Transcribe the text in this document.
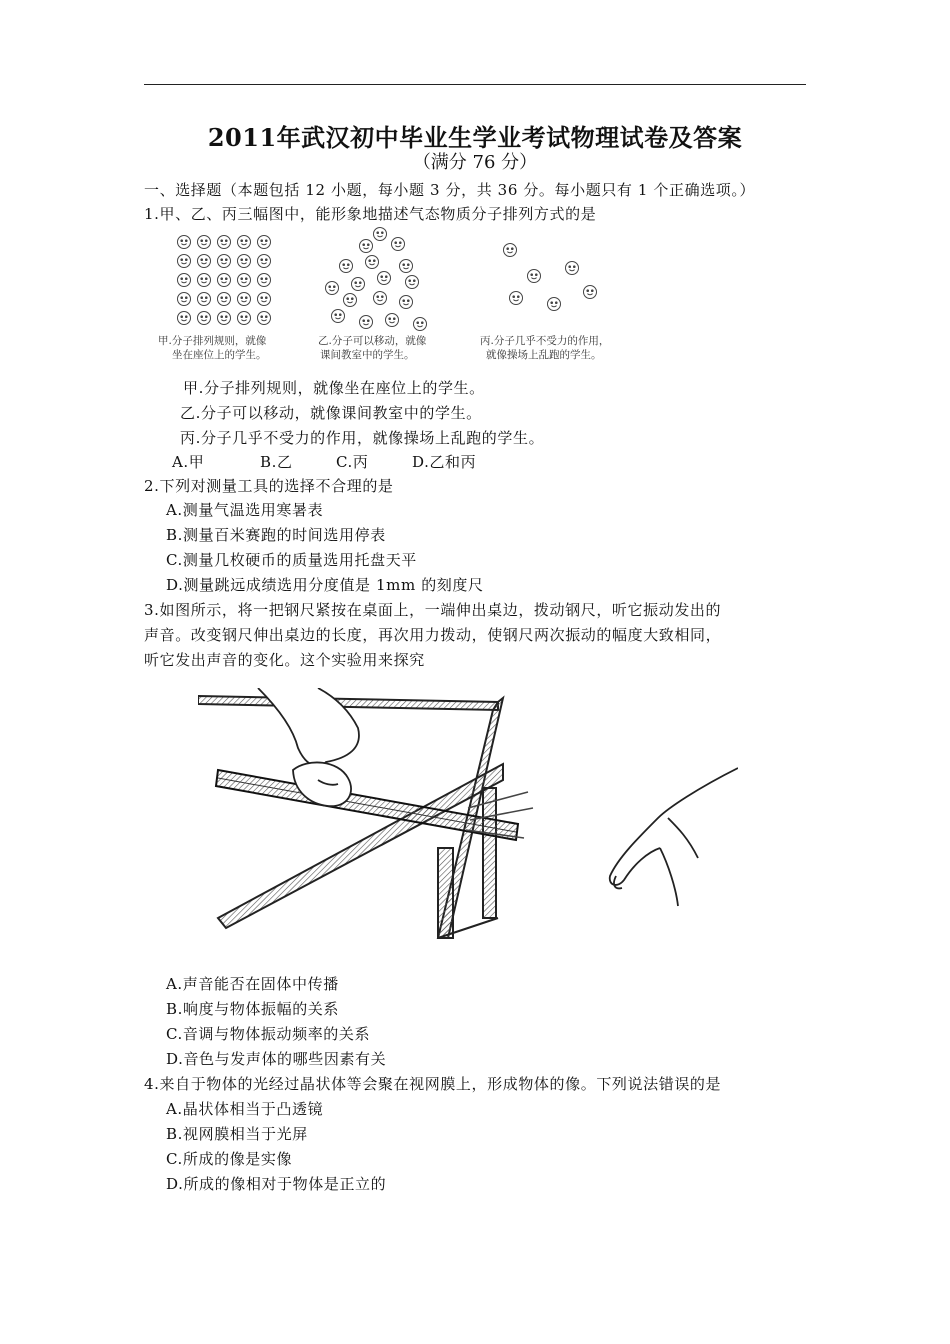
2011年武汉初中毕业生学业考试物理试卷及答案
（满分 76 分）
一、选择题（本题包括 12 小题，每小题 3 分，共 36 分。每小题只有 1 个正确选项。）
1.甲、乙、丙三幅图中，能形象地描述气态物质分子排列方式的是
甲.分子排列规则，就像
坐在座位上的学生。
乙.分子可以移动，就像
课间教室中的学生。
丙.分子几乎不受力的作用，
就像操场上乱跑的学生。
甲.分子排列规则，就像坐在座位上的学生。
乙.分子可以移动，就像课间教室中的学生。
丙.分子几乎不受力的作用，就像操场上乱跑的学生。
A.甲	B.乙	C.丙	D.乙和丙
2.下列对测量工具的选择不合理的是
A.测量气温选用寒暑表
B.测量百米赛跑的时间选用停表
C.测量几枚硬币的质量选用托盘天平
D.测量跳远成绩选用分度值是 1mm 的刻度尺
3.如图所示，将一把钢尺紧按在桌面上，一端伸出桌边，拨动钢尺，听它振动发出的
声音。改变钢尺伸出桌边的长度，再次用力拨动，使钢尺两次振动的幅度大致相同，
听它发出声音的变化。这个实验用来探究
A.声音能否在固体中传播
B.响度与物体振幅的关系
C.音调与物体振动频率的关系
D.音色与发声体的哪些因素有关
4.来自于物体的光经过晶状体等会聚在视网膜上，形成物体的像。下列说法错误的是
A.晶状体相当于凸透镜
B.视网膜相当于光屏
C.所成的像是实像
D.所成的像相对于物体是正立的
